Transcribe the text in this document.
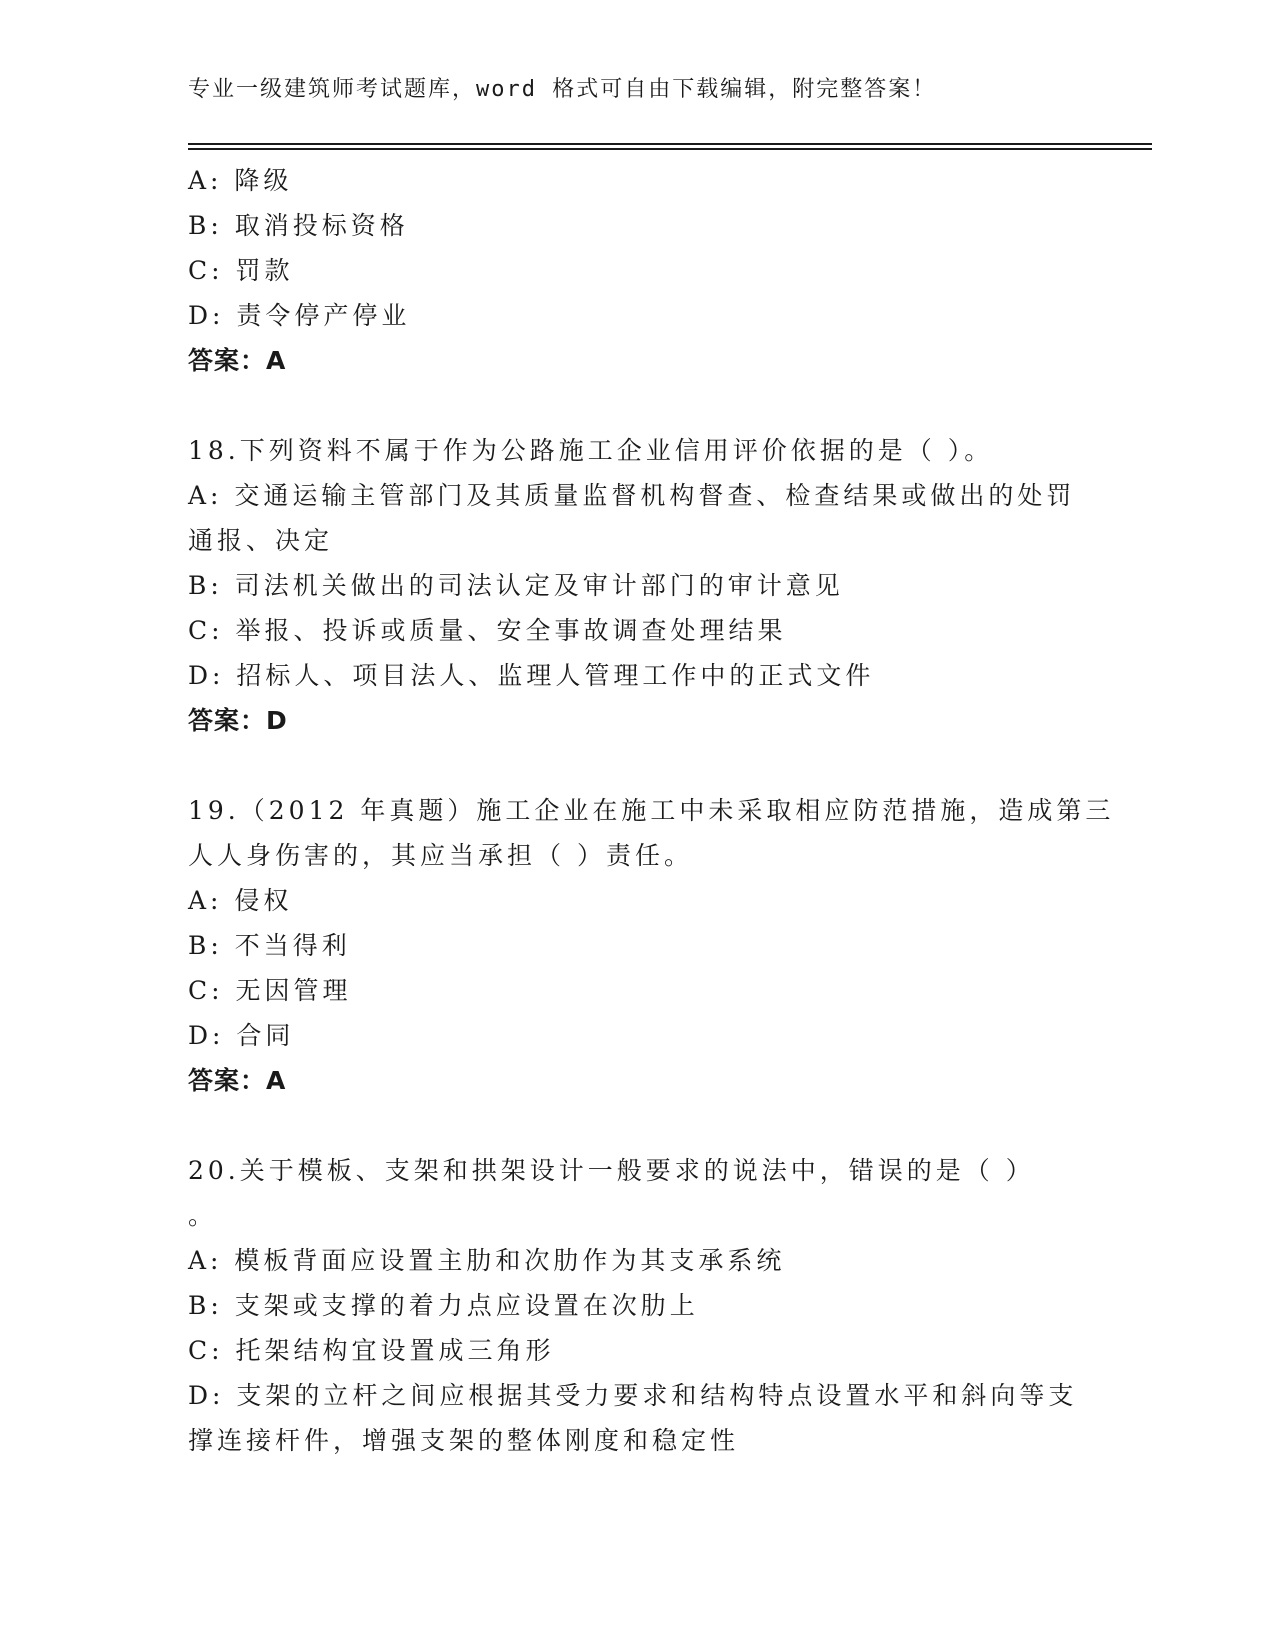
专业一级建筑师考试题库，word 格式可自由下载编辑，附完整答案！
A: 降级
B: 取消投标资格
C: 罚款
D: 责令停产停业
答案：A
18.下列资料不属于作为公路施工企业信用评价依据的是（ ）。
A: 交通运输主管部门及其质量监督机构督查、检查结果或做出的处罚
通报、决定
B: 司法机关做出的司法认定及审计部门的审计意见
C: 举报、投诉或质量、安全事故调查处理结果
D: 招标人、项目法人、监理人管理工作中的正式文件
答案：D
19.（2012 年真题）施工企业在施工中未采取相应防范措施，造成第三
人人身伤害的，其应当承担（ ）责任。
A: 侵权
B: 不当得利
C: 无因管理
D: 合同
答案：A
20.关于模板、支架和拱架设计一般要求的说法中，错误的是（ ）
。
A: 模板背面应设置主肋和次肋作为其支承系统
B: 支架或支撑的着力点应设置在次肋上
C: 托架结构宜设置成三角形
D: 支架的立杆之间应根据其受力要求和结构特点设置水平和斜向等支
撑连接杆件，增强支架的整体刚度和稳定性
